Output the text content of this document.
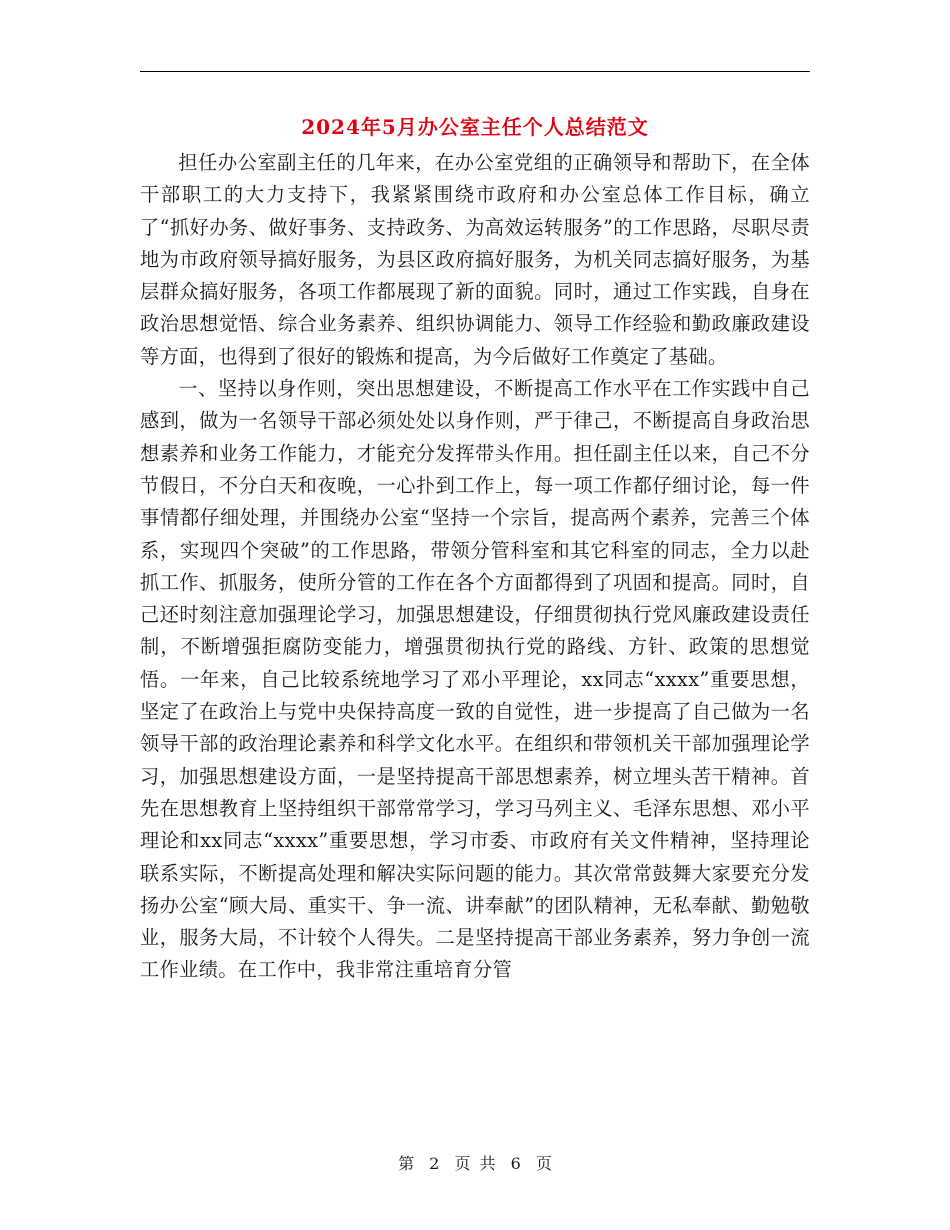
2024年5月办公室主任个人总结范文

担任办公室副主任的几年来，在办公室党组的正确领导和帮助下，在全体干部职工的大力支持下，我紧紧围绕市政府和办公室总体工作目标，确立了“抓好办务、做好事务、支持政务、为高效运转服务”的工作思路，尽职尽责地为市政府领导搞好服务，为县区政府搞好服务，为机关同志搞好服务，为基层群众搞好服务，各项工作都展现了新的面貌。同时，通过工作实践，自身在政治思想觉悟、综合业务素养、组织协调能力、领导工作经验和勤政廉政建设等方面，也得到了很好的锻炼和提高，为今后做好工作奠定了基础。

一、坚持以身作则，突出思想建设，不断提高工作水平在工作实践中自己感到，做为一名领导干部必须处处以身作则，严于律己，不断提高自身政治思想素养和业务工作能力，才能充分发挥带头作用。担任副主任以来，自己不分节假日，不分白天和夜晚，一心扑到工作上，每一项工作都仔细讨论，每一件事情都仔细处理，并围绕办公室“坚持一个宗旨，提高两个素养，完善三个体系，实现四个突破”的工作思路，带领分管科室和其它科室的同志，全力以赴抓工作、抓服务，使所分管的工作在各个方面都得到了巩固和提高。同时，自己还时刻注意加强理论学习，加强思想建设，仔细贯彻执行党风廉政建设责任制，不断增强拒腐防变能力，增强贯彻执行党的路线、方针、政策的思想觉悟。一年来，自己比较系统地学习了邓小平理论，xx同志“xxxx”重要思想，坚定了在政治上与党中央保持高度一致的自觉性，进一步提高了自己做为一名领导干部的政治理论素养和科学文化水平。在组织和带领机关干部加强理论学习，加强思想建设方面，一是坚持提高干部思想素养，树立埋头苦干精神。首先在思想教育上坚持组织干部常常学习，学习马列主义、毛泽东思想、邓小平理论和xx同志“xxxx”重要思想，学习市委、市政府有关文件精神，坚持理论联系实际，不断提高处理和解决实际问题的能力。其次常常鼓舞大家要充分发扬办公室“顾大局、重实干、争一流、讲奉献”的团队精神，无私奉献、勤勉敬业，服务大局，不计较个人得失。二是坚持提高干部业务素养，努力争创一流工作业绩。在工作中，我非常注重培育分管

第 2 页 共 6 页
